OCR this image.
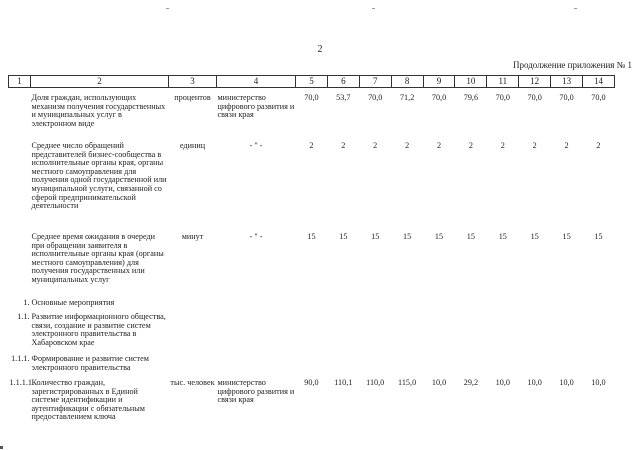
2
Продолжение приложения № 1
1	2	3	4	5	6	7	8	9	10	11	12	13	14
	Доля граждан, использующих механизм получения государственных и муниципальных услуг в электронном виде	процентов	министерство цифрового развития и связи края	70,0	53,7	70,0	71,2	70,0	79,6	70,0	70,0	70,0	70,0
	Среднее число обращений представителей бизнес-сообщества в исполнительные органы края, органы местного самоуправления для получения одной государственной или муниципальной услуги, связанной со сферой предпринимательской деятельности	единиц	- " -	2	2	2	2	2	2	2	2	2	2
	Среднее время ожидания в очереди при обращении заявителя в исполнительные органы края (органы местного самоуправления) для получения государственных или муниципальных услуг	минут	- " -	15	15	15	15	15	15	15	15	15	15
1.	Основные мероприятия												
1.1.	Развитие информационного общества, связи, создание и развитие систем электронного правительства в Хабаровском крае												
1.1.1.	Формирование и развитие систем электронного правительства												
1.1.1.1.	Количество граждан, зарегистрированных в Единой системе идентификации и аутентификации с обязательным предоставлением ключа	тыс. человек	министерство цифрового развития и связи края	90,0	110,1	110,0	115,0	10,0	29,2	10,0	10,0	10,0	10,0
